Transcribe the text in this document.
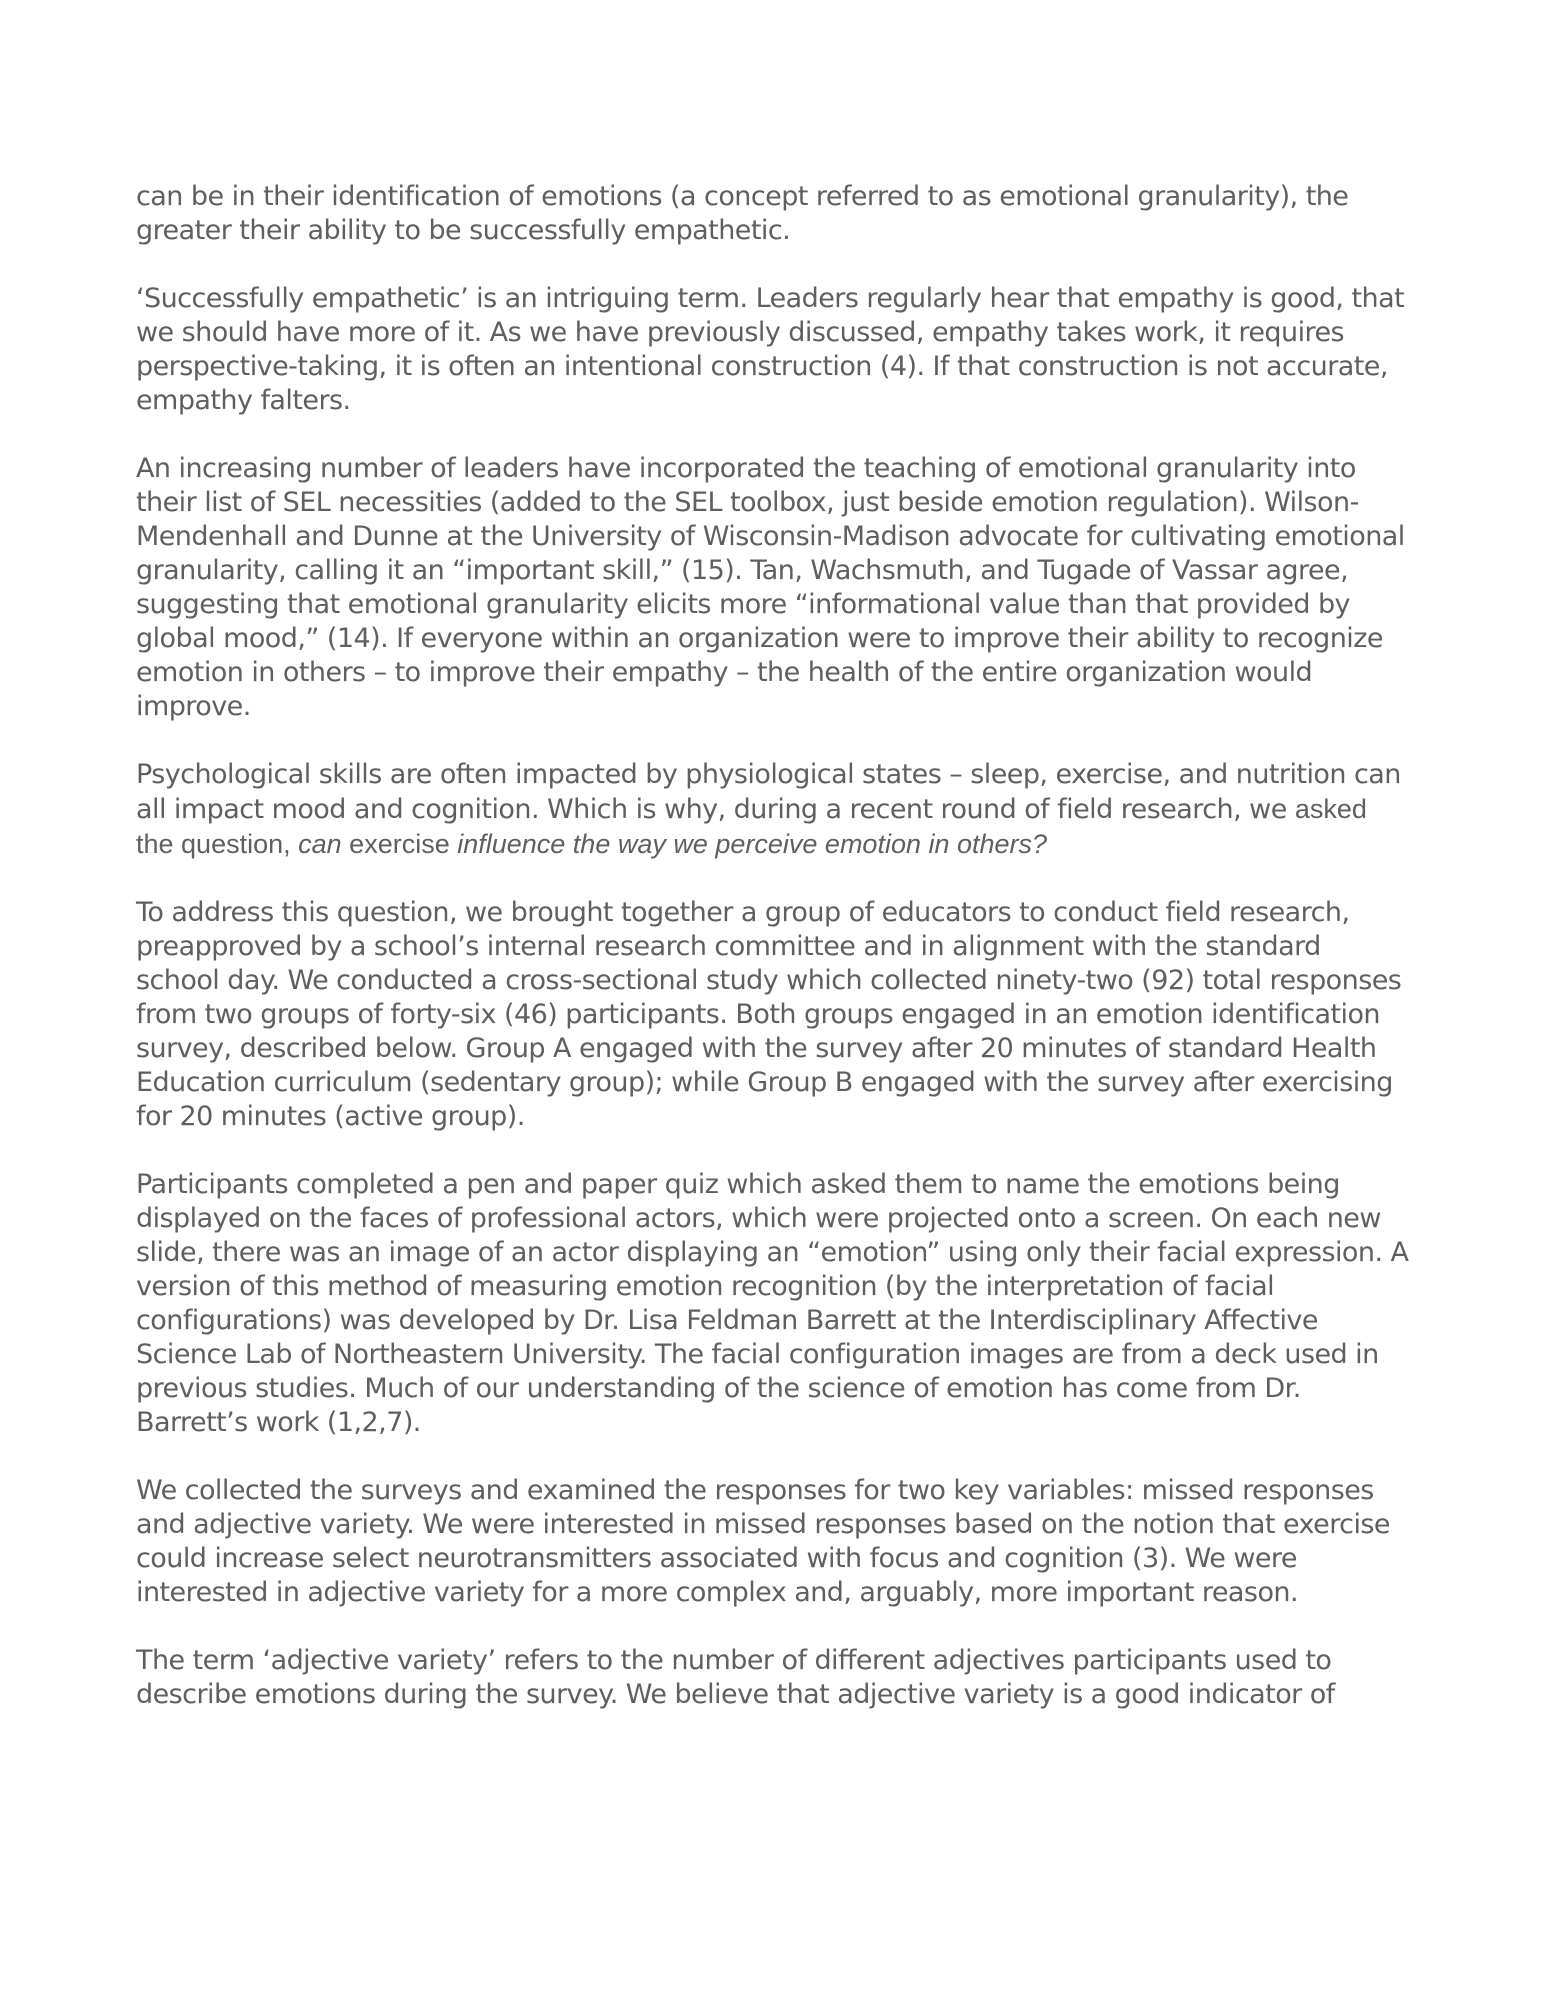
can be in their identification of emotions (a concept referred to as emotional granularity), the greater their ability to be successfully empathetic.

‘Successfully empathetic’ is an intriguing term. Leaders regularly hear that empathy is good, that we should have more of it. As we have previously discussed, empathy takes work, it requires perspective-taking, it is often an intentional construction (4). If that construction is not accurate, empathy falters.

An increasing number of leaders have incorporated the teaching of emotional granularity into their list of SEL necessities (added to the SEL toolbox, just beside emotion regulation). Wilson-Mendenhall and Dunne at the University of Wisconsin-Madison advocate for cultivating emotional granularity, calling it an “important skill,” (15). Tan, Wachsmuth, and Tugade of Vassar agree, suggesting that emotional granularity elicits more “informational value than that provided by global mood,” (14). If everyone within an organization were to improve their ability to recognize emotion in others – to improve their empathy – the health of the entire organization would improve.

Psychological skills are often impacted by physiological states – sleep, exercise, and nutrition can all impact mood and cognition. Which is why, during a recent round of field research, we asked the question, can exercise influence the way we perceive emotion in others?

To address this question, we brought together a group of educators to conduct field research, preapproved by a school’s internal research committee and in alignment with the standard school day. We conducted a cross-sectional study which collected ninety-two (92) total responses from two groups of forty-six (46) participants. Both groups engaged in an emotion identification survey, described below. Group A engaged with the survey after 20 minutes of standard Health Education curriculum (sedentary group); while Group B engaged with the survey after exercising for 20 minutes (active group).

Participants completed a pen and paper quiz which asked them to name the emotions being displayed on the faces of professional actors, which were projected onto a screen. On each new slide, there was an image of an actor displaying an “emotion” using only their facial expression. A version of this method of measuring emotion recognition (by the interpretation of facial configurations) was developed by Dr. Lisa Feldman Barrett at the Interdisciplinary Affective Science Lab of Northeastern University. The facial configuration images are from a deck used in previous studies. Much of our understanding of the science of emotion has come from Dr. Barrett’s work (1,2,7).

We collected the surveys and examined the responses for two key variables: missed responses and adjective variety. We were interested in missed responses based on the notion that exercise could increase select neurotransmitters associated with focus and cognition (3). We were interested in adjective variety for a more complex and, arguably, more important reason.

The term ‘adjective variety’ refers to the number of different adjectives participants used to describe emotions during the survey. We believe that adjective variety is a good indicator of
